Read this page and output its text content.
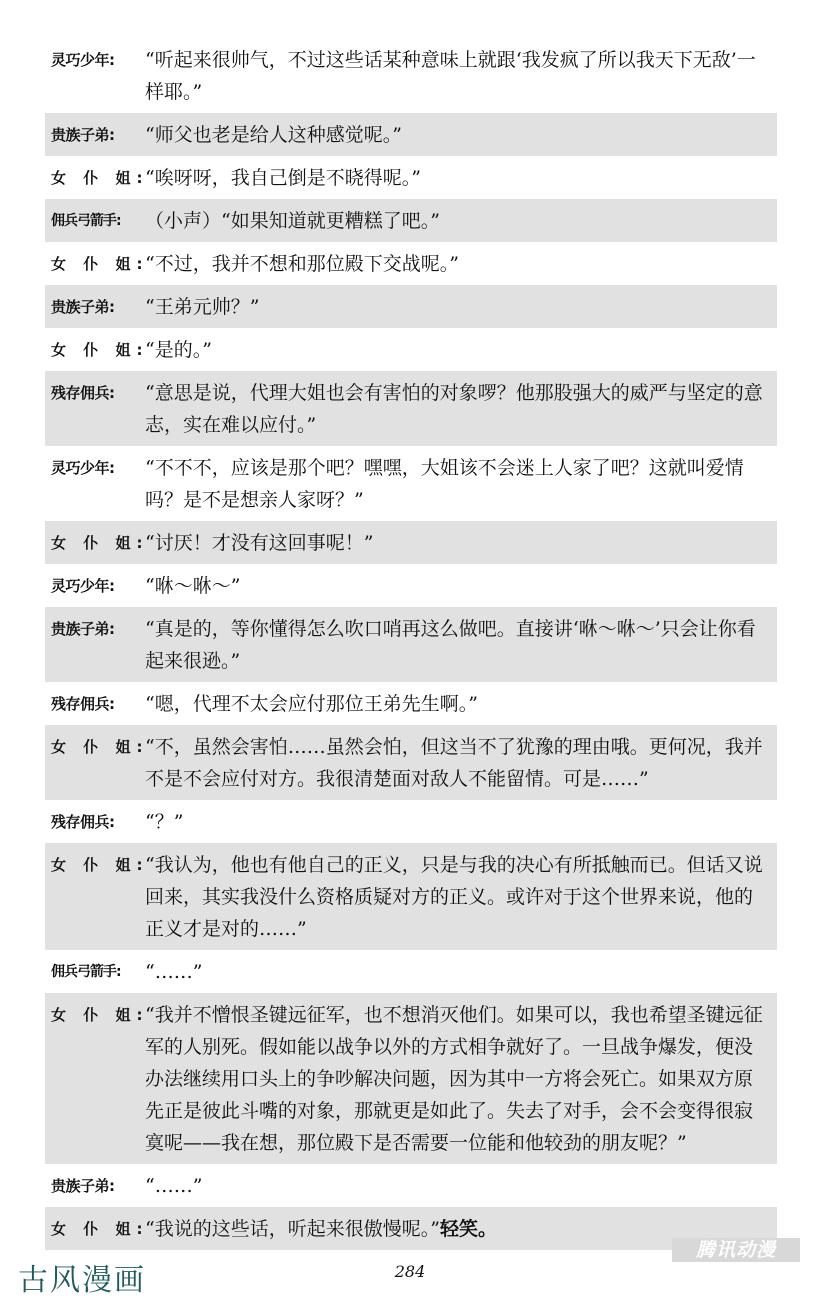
灵巧少年:	“听起来很帅气，不过这些话某种意味上就跟‘我发疯了所以我天下无敌’一样耶。”
贵族子弟:	“师父也老是给人这种感觉呢。”
女 仆 姐:
“唉呀呀，我自己倒是不晓得呢。”
佣兵弓箭手:	（小声）“如果知道就更糟糕了吧。”
女 仆 姐:
“不过，我并不想和那位殿下交战呢。”
贵族子弟:	“王弟元帅？”
女 仆 姐:
“是的。”
残存佣兵:	“意思是说，代理大姐也会有害怕的对象啰？他那股强大的威严与坚定的意志，实在难以应付。”
灵巧少年:	“不不不，应该是那个吧？嘿嘿，大姐该不会迷上人家了吧？这就叫爱情吗？是不是想亲人家呀？”
女 仆 姐:
“讨厌！才没有这回事呢！”
灵巧少年:	“咻～咻～”
贵族子弟:	“真是的，等你懂得怎么吹口哨再这么做吧。直接讲‘咻～咻～’只会让你看起来很逊。”
残存佣兵:	“嗯，代理不太会应付那位王弟先生啊。”
女 仆 姐:
“不，虽然会害怕……虽然会怕，但这当不了犹豫的理由哦。更何况，我并不是不会应付对方。我很清楚面对敌人不能留情。可是……”
残存佣兵:	“？”
女 仆 姐:
“我认为，他也有他自己的正义，只是与我的决心有所抵触而已。但话又说回来，其实我没什么资格质疑对方的正义。或许对于这个世界来说，他的正义才是对的……”
佣兵弓箭手:	“……”
女 仆 姐:
“我并不憎恨圣键远征军，也不想消灭他们。如果可以，我也希望圣键远征军的人别死。假如能以战争以外的方式相争就好了。一旦战争爆发，便没办法继续用口头上的争吵解决问题，因为其中一方将会死亡。如果双方原先正是彼此斗嘴的对象，那就更是如此了。失去了对手，会不会变得很寂寞呢——我在想，那位殿下是否需要一位能和他较劲的朋友呢？”
贵族子弟:	“……”
女 仆 姐:
“我说的这些话，听起来很傲慢呢。”轻笑。
284
古风漫画
腾讯动漫
